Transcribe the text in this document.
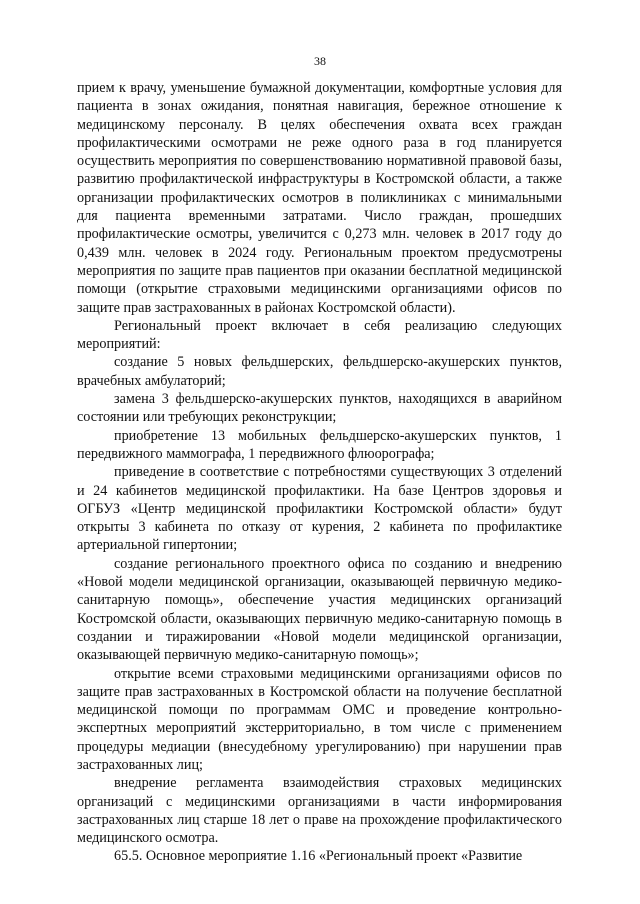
38

прием к врачу, уменьшение бумажной документации, комфортные условия для пациента в зонах ожидания, понятная навигация, бережное отношение к медицинскому персоналу. В целях обеспечения охвата всех граждан профилактическими осмотрами не реже одного раза в год планируется осуществить мероприятия по совершенствованию нормативной правовой базы, развитию профилактической инфраструктуры в Костромской области, а также организации профилактических осмотров в поликлиниках с минимальными для пациента временными затратами. Число граждан, прошедших профилактические осмотры, увеличится с 0,273 млн. человек в 2017 году до 0,439 млн. человек в 2024 году. Региональным проектом предусмотрены мероприятия по защите прав пациентов при оказании бесплатной медицинской помощи (открытие страховыми медицинскими организациями офисов по защите прав застрахованных в районах Костромской области).

Региональный проект включает в себя реализацию следующих мероприятий:

создание 5 новых фельдшерских, фельдшерско-акушерских пунктов, врачебных амбулаторий;

замена 3 фельдшерско-акушерских пунктов, находящихся в аварийном состоянии или требующих реконструкции;

приобретение 13 мобильных фельдшерско-акушерских пунктов, 1 передвижного маммографа, 1 передвижного флюорографа;

приведение в соответствие с потребностями существующих 3 отделений и 24 кабинетов медицинской профилактики. На базе Центров здоровья и ОГБУЗ «Центр медицинской профилактики Костромской области» будут открыты 3 кабинета по отказу от курения, 2 кабинета по профилактике артериальной гипертонии;

создание регионального проектного офиса по созданию и внедрению «Новой модели медицинской организации, оказывающей первичную медико-санитарную помощь», обеспечение участия медицинских организаций Костромской области, оказывающих первичную медико-санитарную помощь в создании и тиражировании «Новой модели медицинской организации, оказывающей первичную медико-санитарную помощь»;

открытие всеми страховыми медицинскими организациями офисов по защите прав застрахованных в Костромской области на получение бесплатной медицинской помощи по программам ОМС и проведение контрольно-экспертных мероприятий экстерриториально, в том числе с применением процедуры медиации (внесудебному урегулированию) при нарушении прав застрахованных лиц;

внедрение регламента взаимодействия страховых медицинских организаций с медицинскими организациями в части информирования застрахованных лиц старше 18 лет о праве на прохождение профилактического медицинского осмотра.

65.5. Основное мероприятие 1.16 «Региональный проект «Развитие
